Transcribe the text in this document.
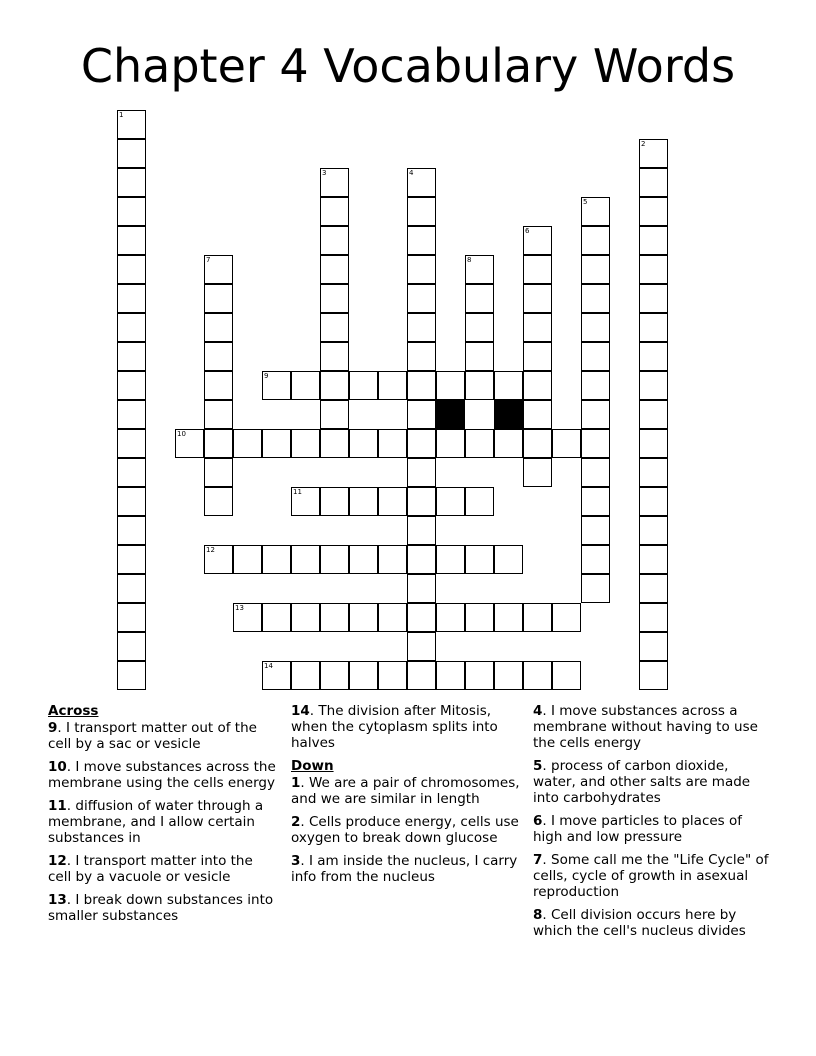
Chapter 4 Vocabulary Words
1
2
3	4
5
6
7	8
9
10
11
12
13
14
Across
9. I transport matter out of the cell by a sac or vesicle
10. I move substances across the membrane using the cells energy
11. diffusion of water through a membrane, and I allow certain substances in
12. I transport matter into the cell by a vacuole or vesicle
13. I break down substances into smaller substances
14. The division after Mitosis, when the cytoplasm splits into halves
Down
1. We are a pair of chromosomes, and we are similar in length
2. Cells produce energy, cells use oxygen to break down glucose
3. I am inside the nucleus, I carry info from the nucleus
4. I move substances across a membrane without having to use the cells energy
5. process of carbon dioxide, water, and other salts are made into carbohydrates
6. I move particles to places of high and low pressure
7. Some call me the "Life Cycle" of cells, cycle of growth in asexual reproduction
8. Cell division occurs here by which the cell's nucleus divides
